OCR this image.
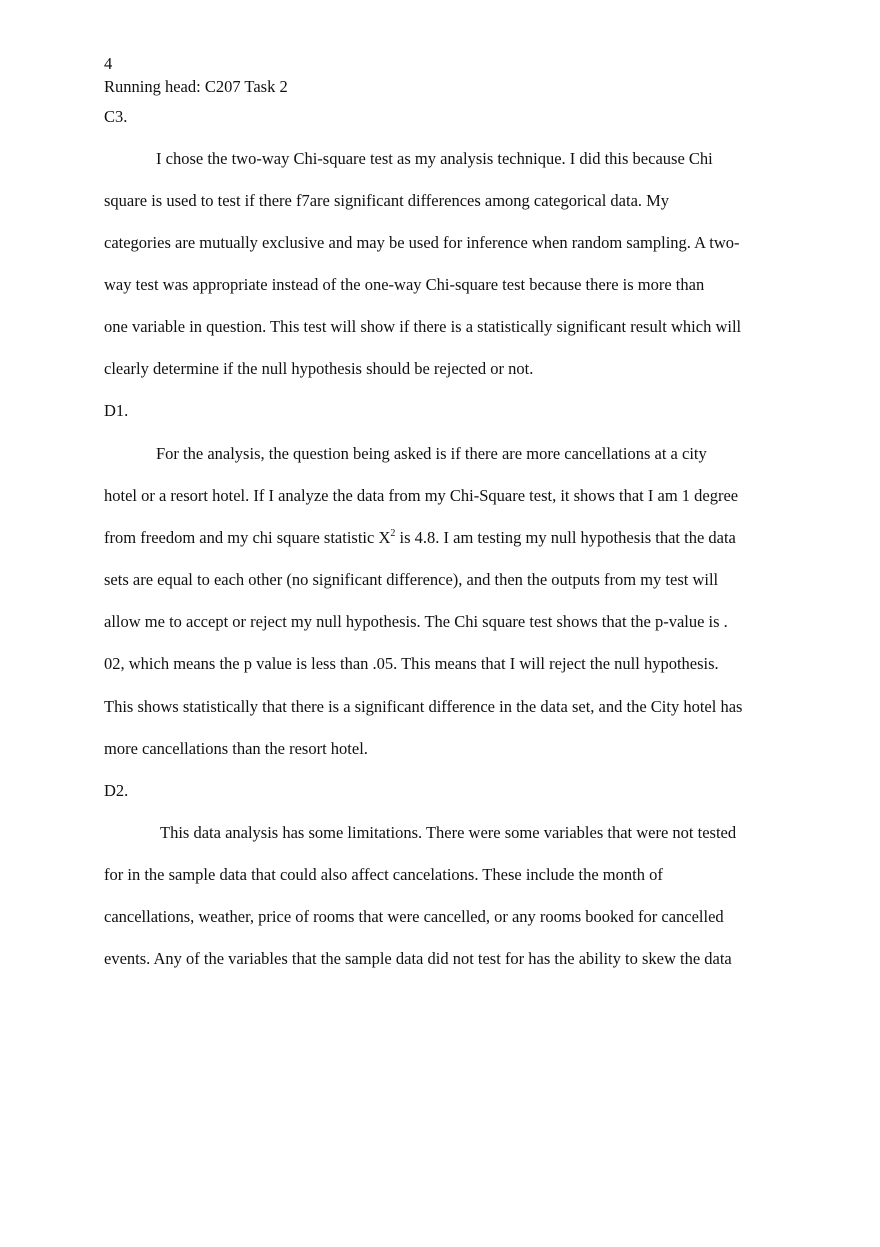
4
Running head: C207 Task 2
C3.
I chose the two-way Chi-square test as my analysis technique. I did this because Chi
square is used to test if there f7are significant differences among categorical data. My
categories are mutually exclusive and may be used for inference when random sampling. A two-
way test was appropriate instead of the one-way Chi-square test because there is more than
one variable in question. This test will show if there is a statistically significant result which will
clearly determine if the null hypothesis should be rejected or not.
D1.
For the analysis, the question being asked is if there are more cancellations at a city
hotel or a resort hotel. If I analyze the data from my Chi-Square test, it shows that I am 1 degree
from freedom and my chi square statistic $X^2$ is 4.8. I am testing my null hypothesis that the data
sets are equal to each other (no significant difference), and then the outputs from my test will
allow me to accept or reject my null hypothesis. The Chi square test shows that the p-value is .
02, which means the p value is less than .05. This means that I will reject the null hypothesis.
This shows statistically that there is a significant difference in the data set, and the City hotel has
more cancellations than the resort hotel.
D2.
This data analysis has some limitations. There were some variables that were not tested
for in the sample data that could also affect cancelations. These include the month of
cancellations, weather, price of rooms that were cancelled, or any rooms booked for cancelled
events. Any of the variables that the sample data did not test for has the ability to skew the data
